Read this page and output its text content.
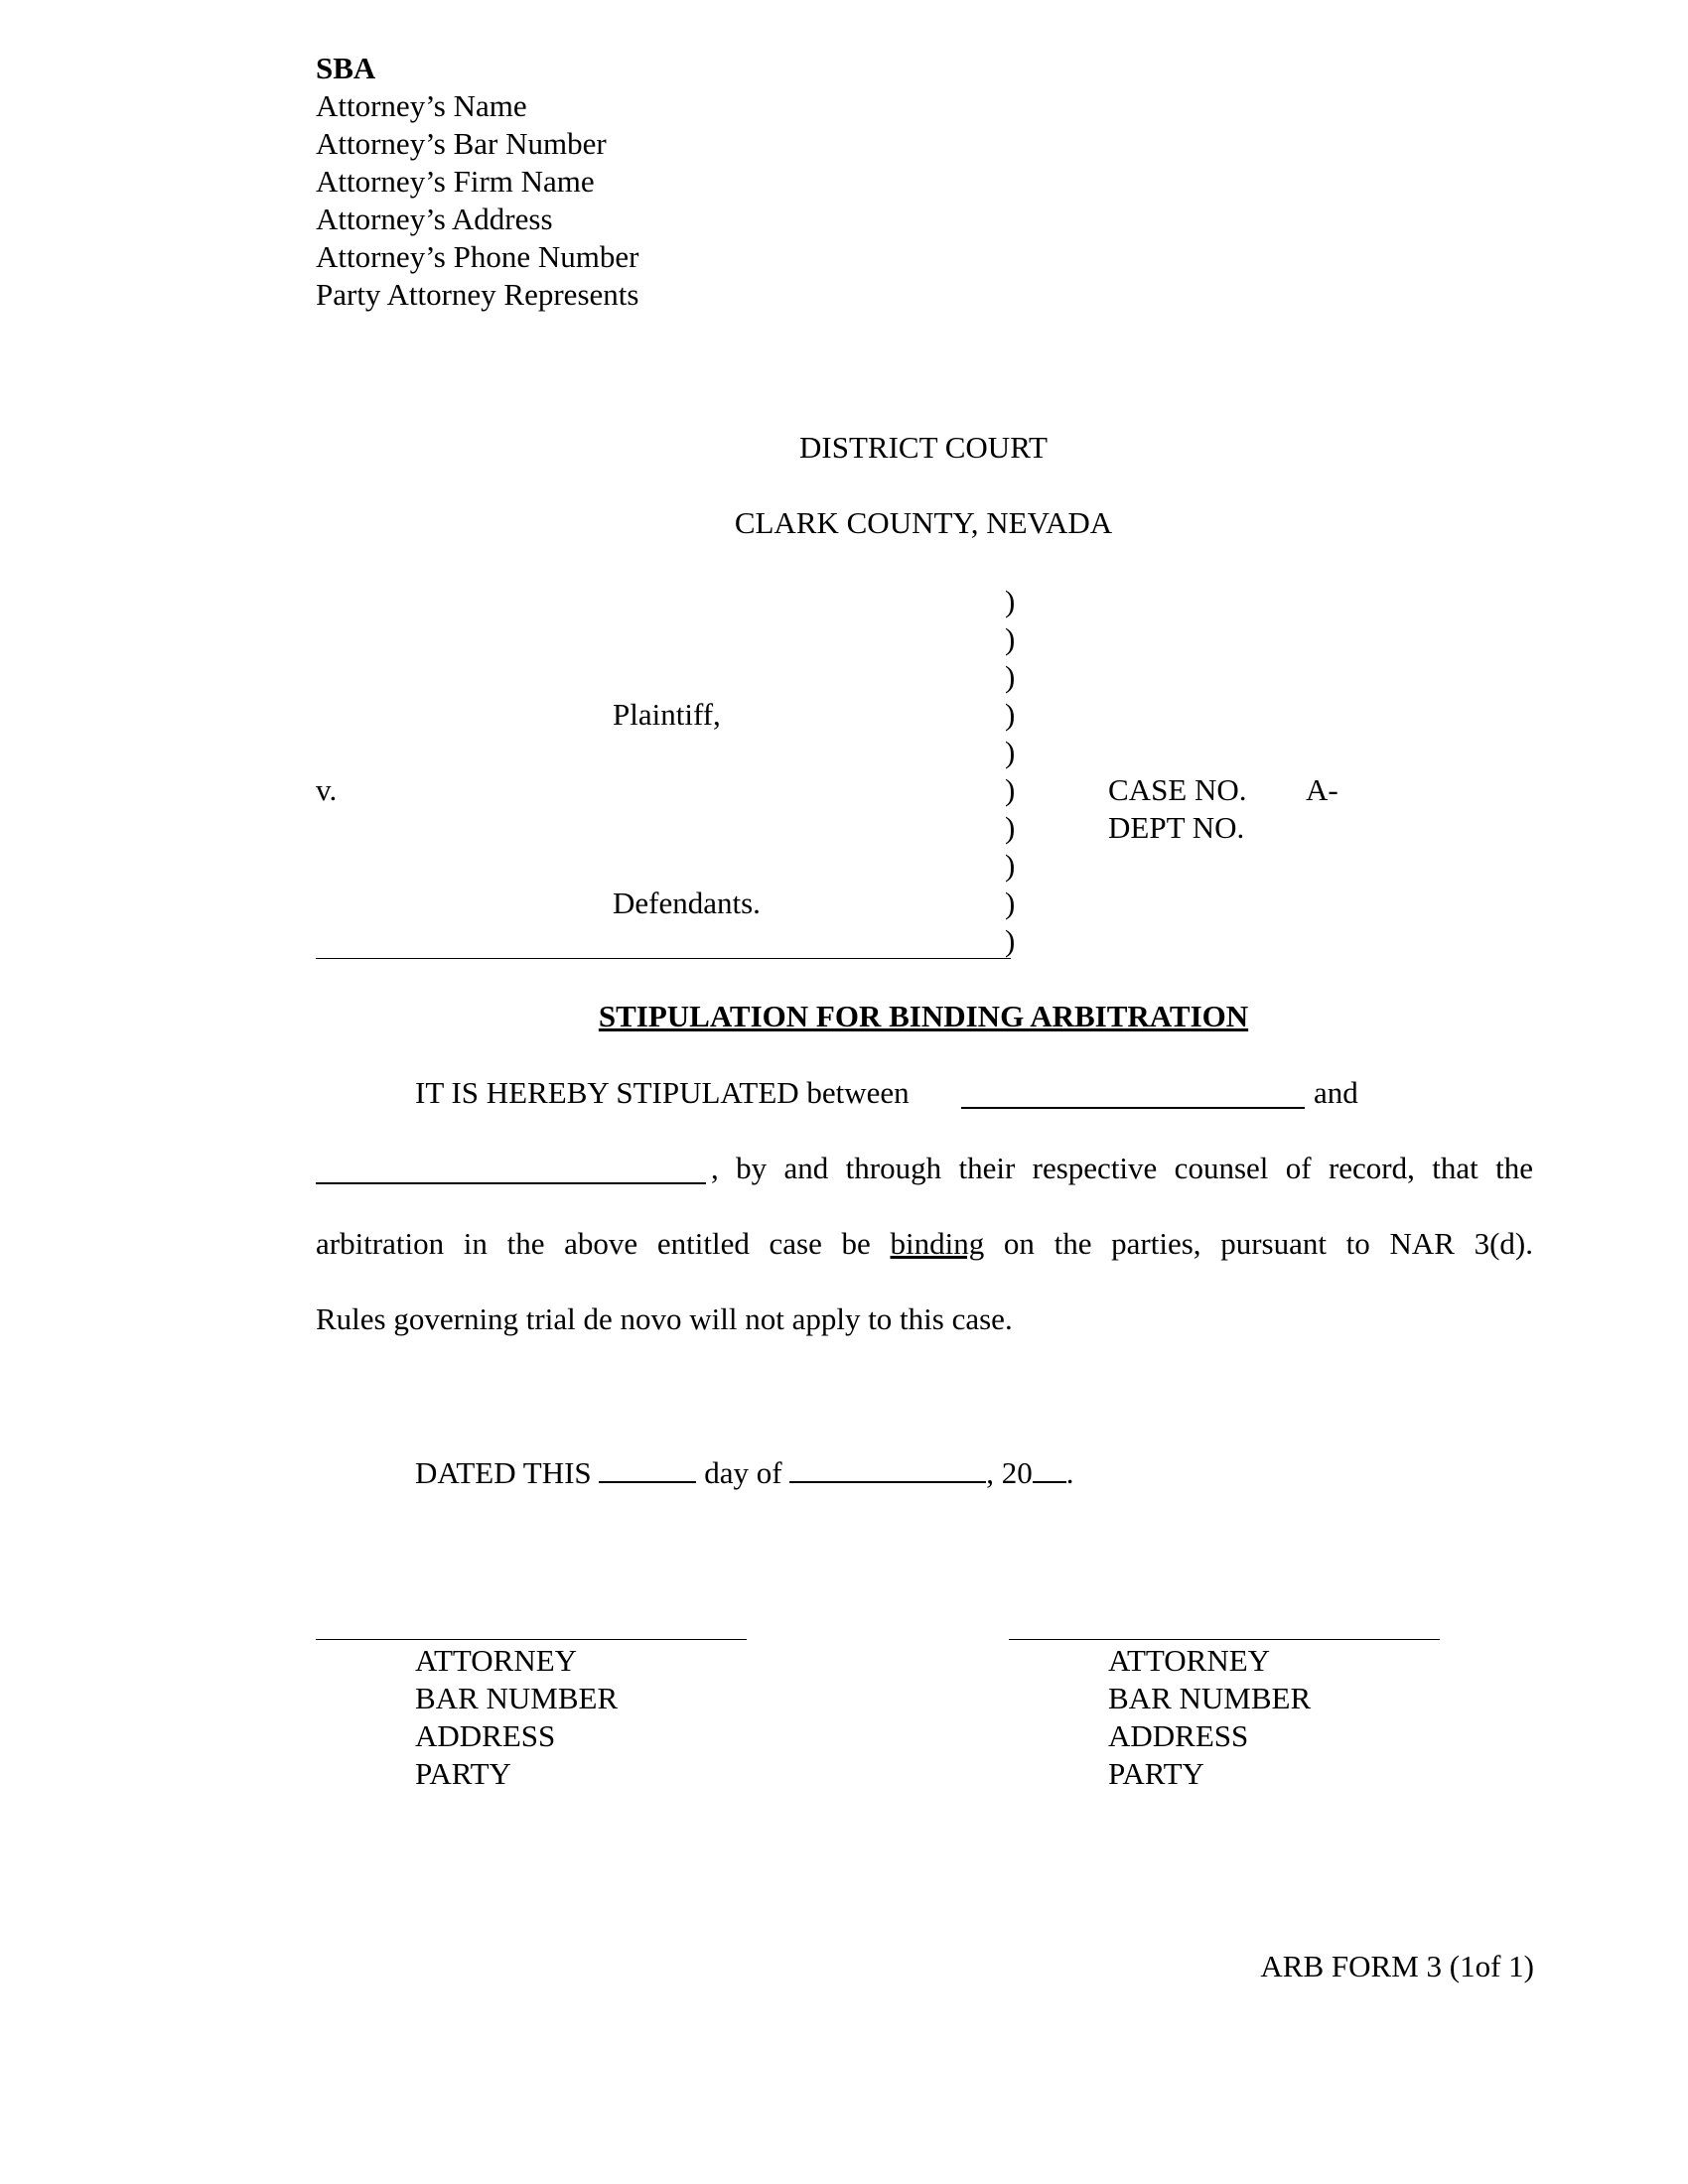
SBA
Attorney’s Name
Attorney’s Bar Number
Attorney’s Firm Name
Attorney’s Address
Attorney’s Phone Number
Party Attorney Represents
DISTRICT COURT
CLARK COUNTY, NEVADA
)
)
)
)
)
)
)
)
)
)
Plaintiff,
v.
Defendants.
CASE NO. A-
DEPT NO.
STIPULATION FOR BINDING ARBITRATION
IT IS HEREBY STIPULATED between	and
, by and through their respective counsel of record, that the
arbitration in the above entitled case be binding on the parties, pursuant to NAR 3(d).
Rules governing trial de novo will not apply to this case.
DATED THIS	day of	, 20 .
ATTORNEY
BAR NUMBER
ADDRESS
PARTY
ATTORNEY
BAR NUMBER
ADDRESS
PARTY
ARB FORM 3 (1of 1)
